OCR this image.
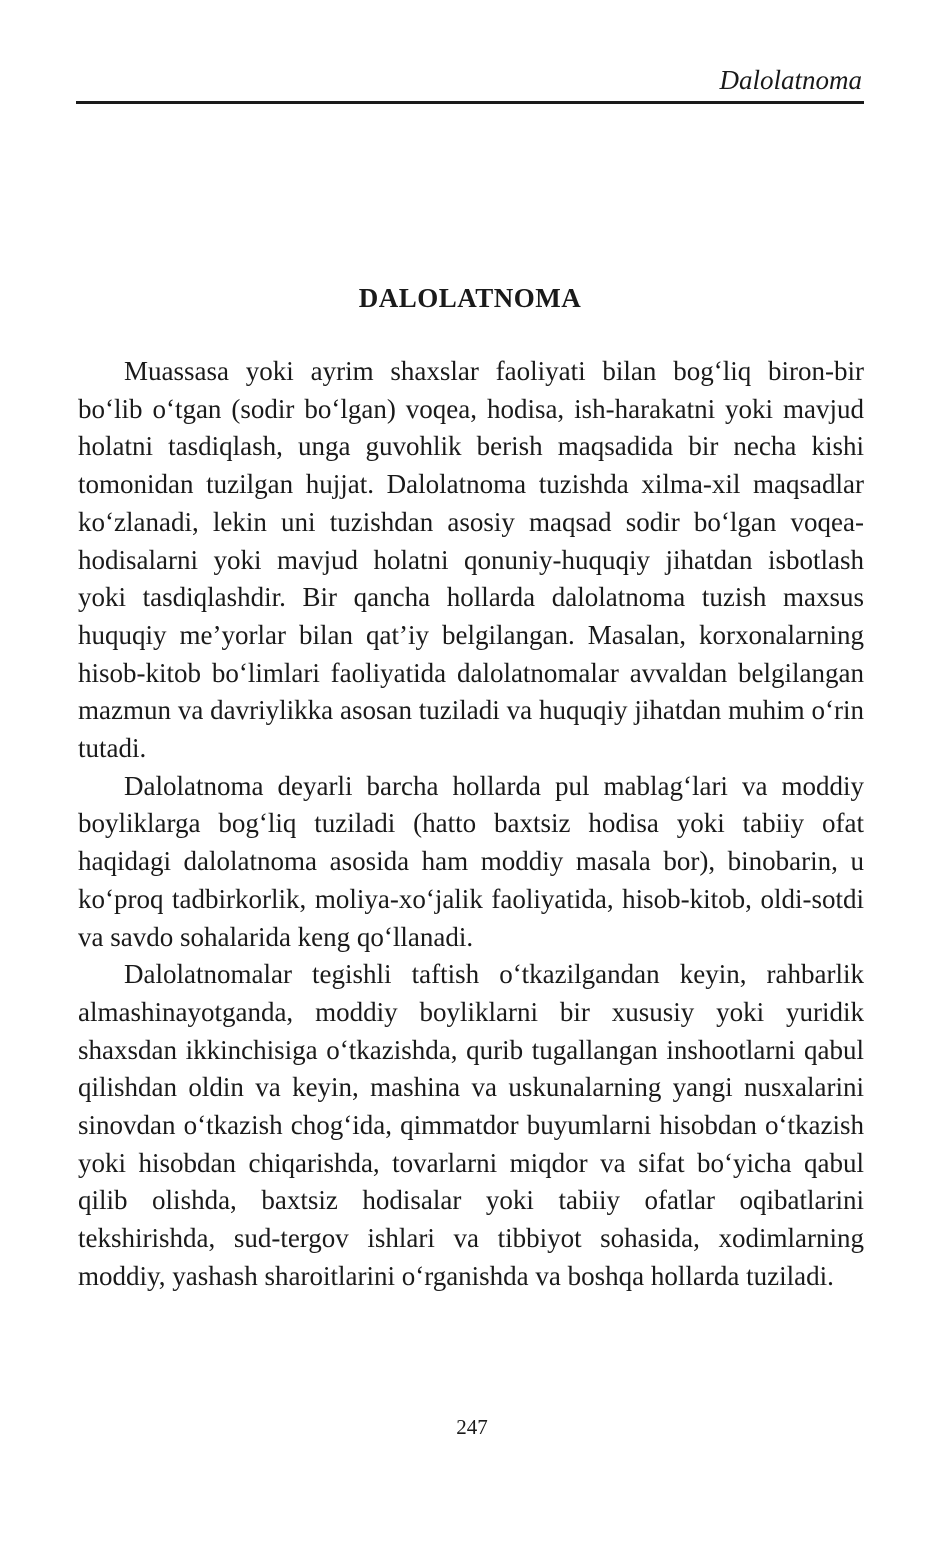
Dalolatnoma
DALOLATNOMA

Muassasa yoki ayrim shaxslar faoliyati bilan bog‘liq biron-bir bo‘lib o‘tgan (sodir bo‘lgan) voqea, hodisa, ish-harakatni yoki mavjud holatni tasdiqlash, unga guvohlik berish maqsadida bir necha kishi tomonidan tuzilgan hujjat. Dalolatnoma tuzishda xilma-xil maqsadlar ko‘zlanadi, lekin uni tuzishdan asosiy maqsad sodir bo‘lgan voqea-hodisalarni yoki mavjud holatni qonuniy-huquqiy jihatdan isbotlash yoki tasdiqlashdir. Bir qancha hollarda dalolatnoma tuzish maxsus huquqiy me’yorlar bilan qat’iy belgilangan. Masalan, korxonalarning hisob-kitob bo‘limlari faoliyatida dalolatnomalar avvaldan belgilangan mazmun va davriylikka asosan tuziladi va huquqiy jihatdan muhim o‘rin tutadi.

Dalolatnoma deyarli barcha hollarda pul mablag‘lari va moddiy boyliklarga bog‘liq tuziladi (hatto baxtsiz hodisa yoki tabiiy ofat haqidagi dalolatnoma asosida ham moddiy masala bor), binobarin, u ko‘proq tadbirkorlik, moliya-xo‘jalik faoliyatida, hisob-kitob, oldi-sotdi va savdo sohalarida keng qo‘llanadi.

Dalolatnomalar tegishli taftish o‘tkazilgandan keyin, rahbarlik almashinayotganda, moddiy boyliklarni bir xususiy yoki yuridik shaxsdan ikkinchisiga o‘tkazishda, qurib tugallangan inshootlarni qabul qilishdan oldin va keyin, mashina va uskunalarning yangi nusxalarini sinovdan o‘tkazish chog‘ida, qimmatdor buyumlarni hisobdan o‘tkazish yoki hisobdan chiqarishda, tovarlarni miqdor va sifat bo‘yicha qabul qilib olishda, baxtsiz hodisalar yoki tabiiy ofatlar oqibatlarini tekshirishda, sud-tergov ishlari va tibbiyot sohasida, xodimlarning moddiy, yashash sharoitlarini o‘rganishda va boshqa hollarda tuziladi.

247
